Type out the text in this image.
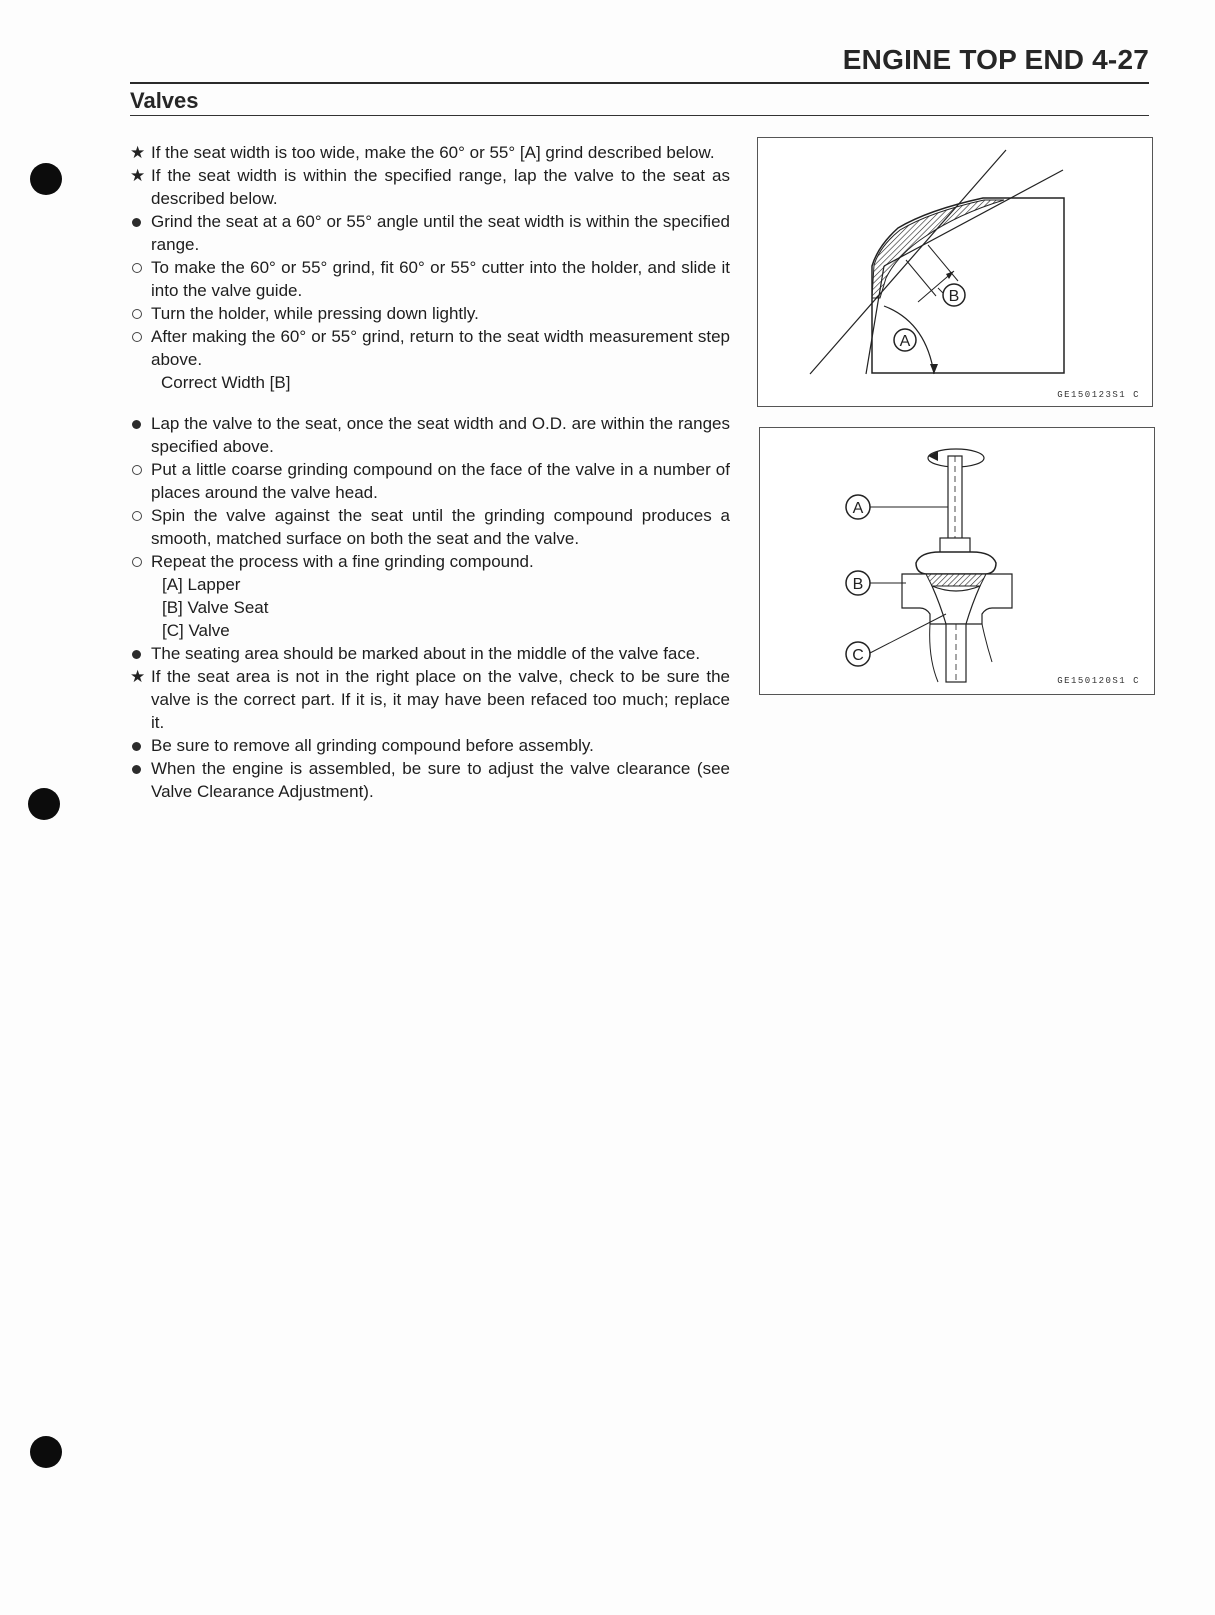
ENGINE TOP END 4-27
Valves
★ If the seat width is too wide, make the 60° or 55° [A] grind described below.
★ If the seat width is within the specified range, lap the valve to the seat as described below.
Grind the seat at a 60° or 55° angle until the seat width is within the specified range.
To make the 60° or 55° grind, fit 60° or 55° cutter into the holder, and slide it into the valve guide.
Turn the holder, while pressing down lightly.
After making the 60° or 55° grind, return to the seat width measurement step above.
Correct Width [B]
Lap the valve to the seat, once the seat width and O.D. are within the ranges specified above.
Put a little coarse grinding compound on the face of the valve in a number of places around the valve head.
Spin the valve against the seat until the grinding compound produces a smooth, matched surface on both the seat and the valve.
Repeat the process with a fine grinding compound.
[A] Lapper
[B] Valve Seat
[C] Valve
The seating area should be marked about in the middle of the valve face.
★ If the seat area is not in the right place on the valve, check to be sure the valve is the correct part. If it is, it may have been refaced too much; replace it.
Be sure to remove all grinding compound before assembly.
When the engine is assembled, be sure to adjust the valve clearance (see Valve Clearance Adjustment).
B
A
GE150123S1 C
A
B
C
GE150120S1 C
